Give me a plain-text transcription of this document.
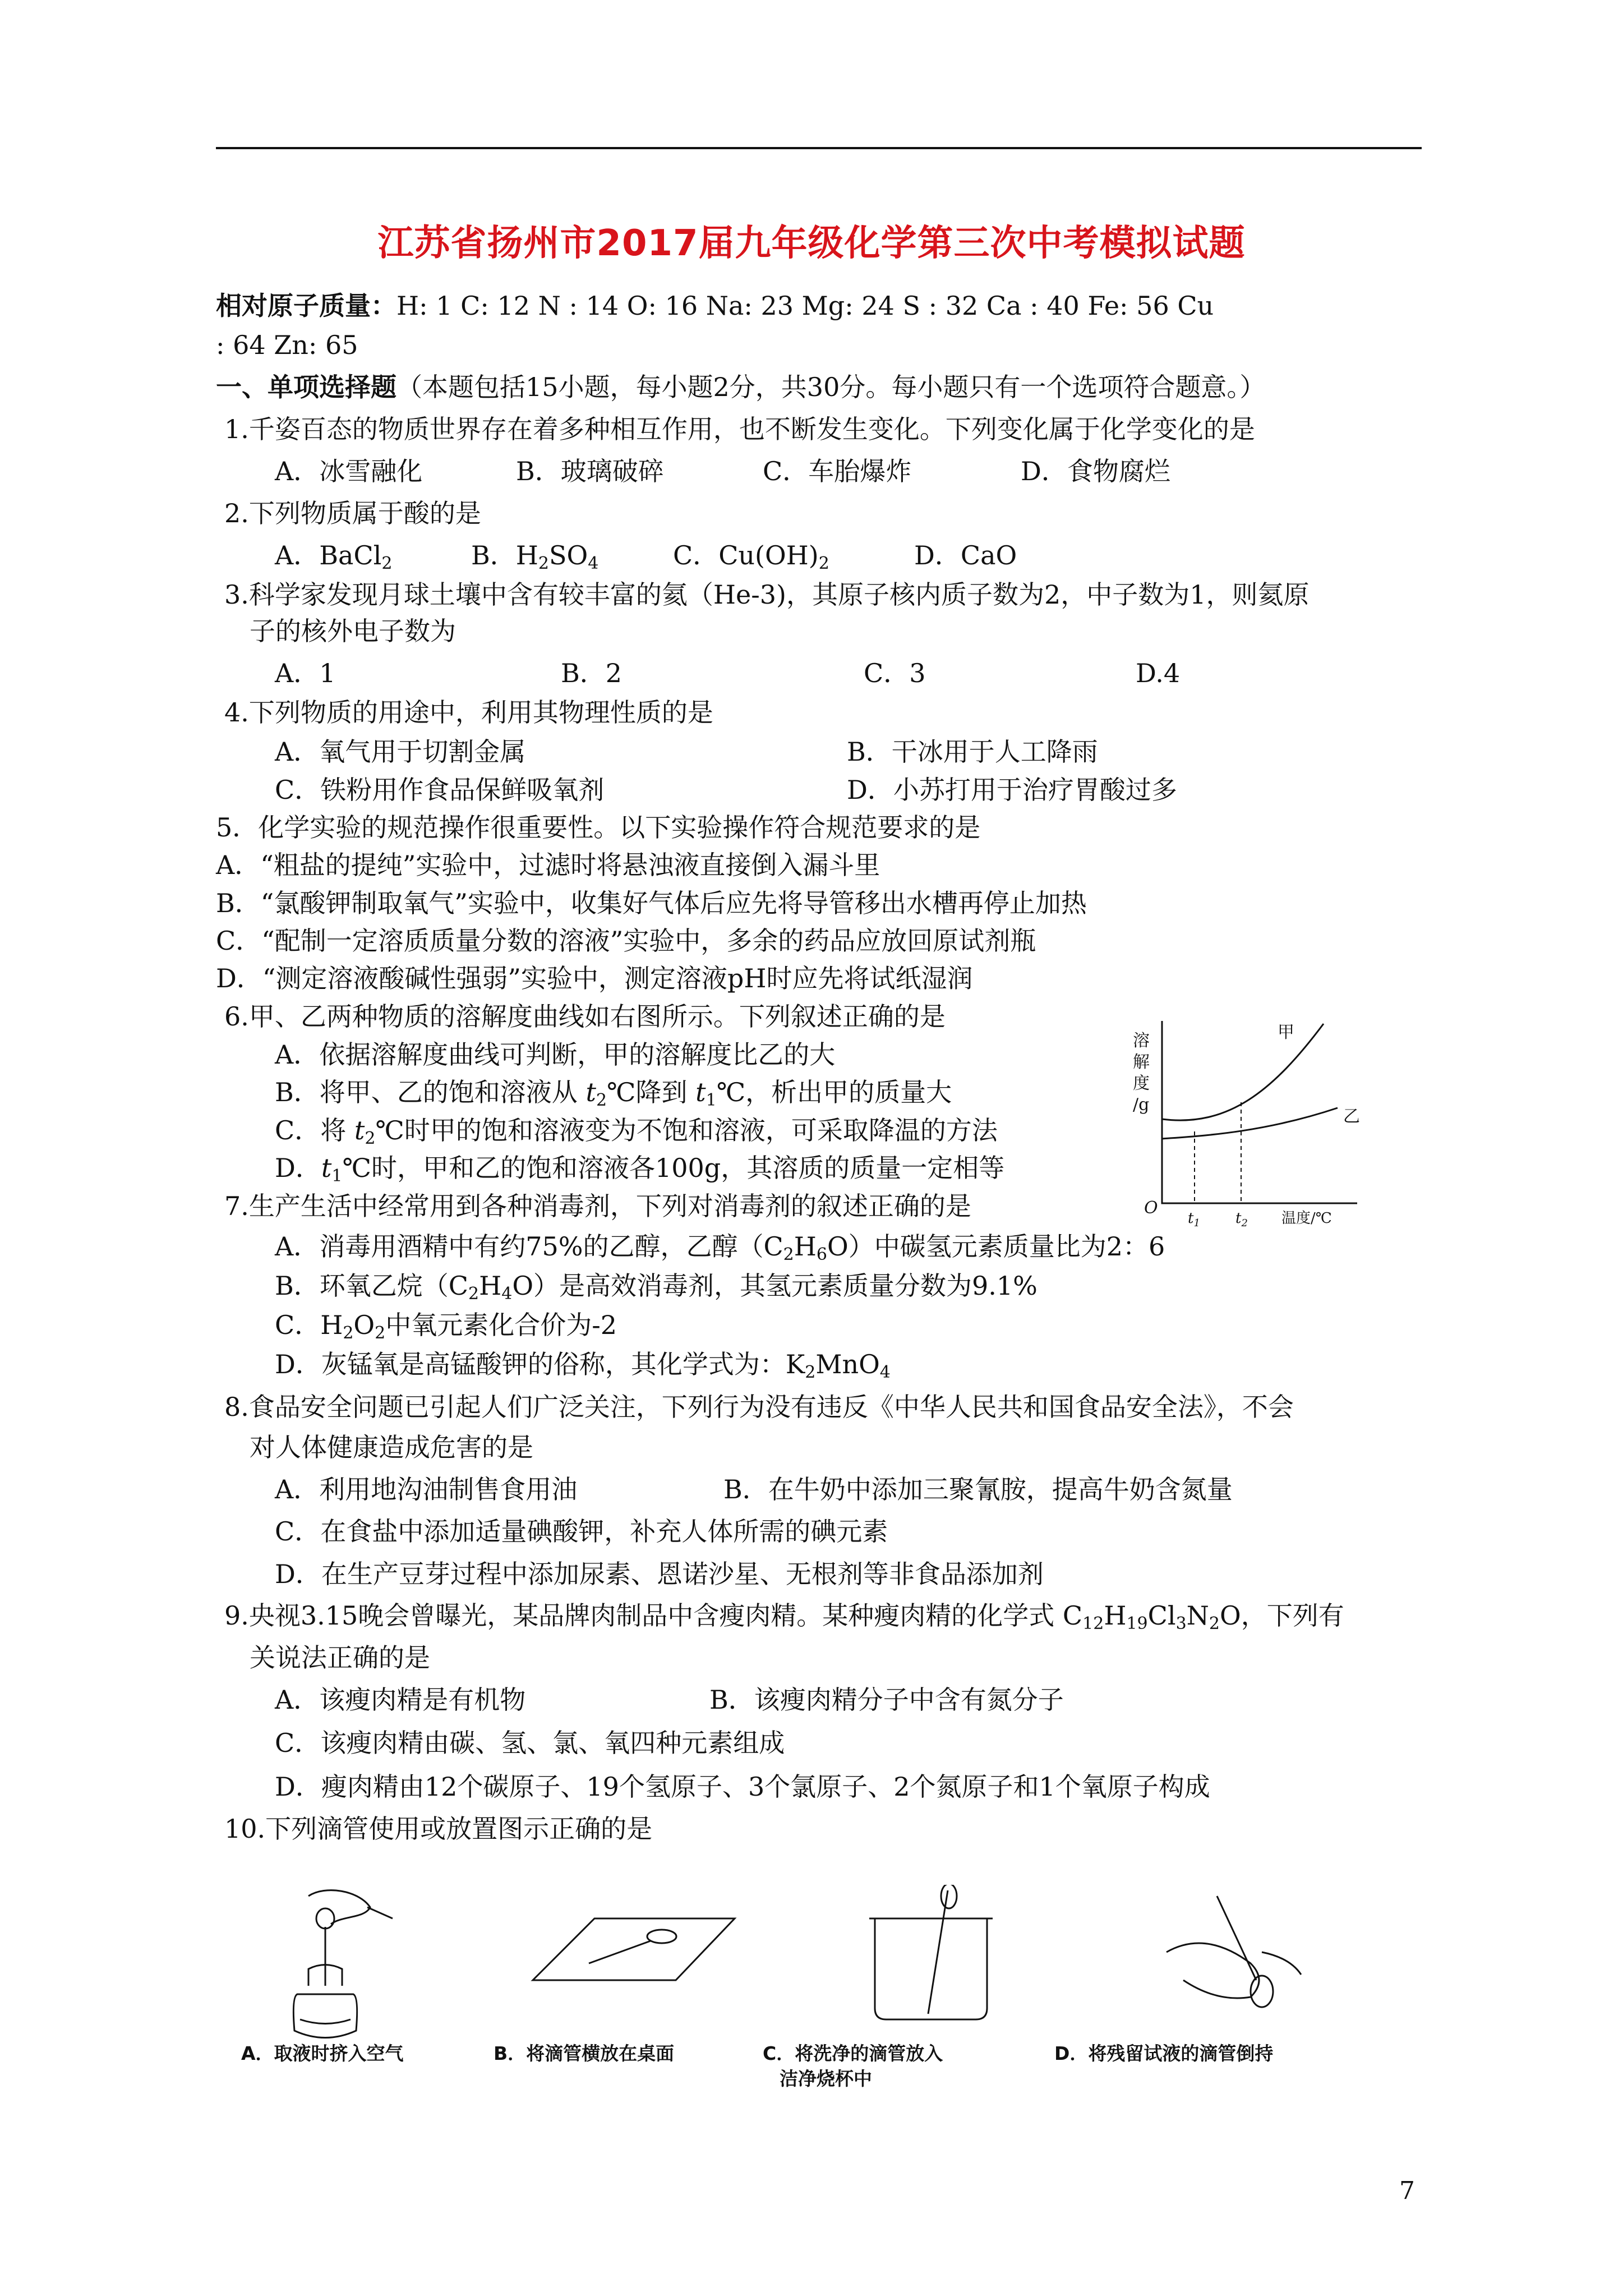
江苏省扬州市2017届九年级化学第三次中考模拟试题
相对原子质量：H: 1 C: 12 N : 14 O: 16 Na: 23 Mg: 24 S : 32 Ca : 40 Fe: 56 Cu
: 64 Zn: 65
一、单项选择题（本题包括15小题，每小题2分，共30分。每小题只有一个选项符合题意。）
1.千姿百态的物质世界存在着多种相互作用，也不断发生变化。下列变化属于化学变化的是
A．冰雪融化	B．玻璃破碎	C．车胎爆炸	D．食物腐烂
2.下列物质属于酸的是
A．BaCl$_2$	B．$H_2SO_4$	C．$Cu(OH)_2$	D．CaO
3.科学家发现月球土壤中含有较丰富的氦（He-3)，其原子核内质子数为2，中子数为1，则氦原
子的核外电子数为
A．1	B．2	C．3	D.4
4.下列物质的用途中，利用其物理性质的是
A．氧气用于切割金属	B．干冰用于人工降雨
C．铁粉用作食品保鲜吸氧剂	D．小苏打用于治疗胃酸过多
5．化学实验的规范操作很重要性。以下实验操作符合规范要求的是
A．“粗盐的提纯”实验中，过滤时将悬浊液直接倒入漏斗里
B．“氯酸钾制取氧气”实验中，收集好气体后应先将导管移出水槽再停止加热
C．“配制一定溶质质量分数的溶液”实验中，多余的药品应放回原试剂瓶
D．“测定溶液酸碱性强弱”实验中，测定溶液pH时应先将试纸湿润
6.甲、乙两种物质的溶解度曲线如右图所示。下列叙述正确的是
A．依据溶解度曲线可判断，甲的溶解度比乙的大
B．将甲、乙的饱和溶液从 $t_2℃$降到 $t_1℃$，析出甲的质量大
C．将 $t_2℃$时甲的饱和溶液变为不饱和溶液，可采取降温的方法
D．$t_1℃$时，甲和乙的饱和溶液各100g，其溶质的质量一定相等
溶
解
度
/g
甲
乙
O
$t_1$ $t_2$ 温度/℃
7.生产生活中经常用到各种消毒剂，下列对消毒剂的叙述正确的是
A．消毒用酒精中有约75%的乙醇，乙醇$(C_2H_6O)$中碳氢元素质量比为2：6
B．环氧乙烷$(C_2H_4O)$是高效消毒剂，其氢元素质量分数为9.1%
C．$H_2O_2$中氧元素化合价为-2
D．灰锰氧是高锰酸钾的俗称，其化学式为：$K_2MnO_4$
8.食品安全问题已引起人们广泛关注，下列行为没有违反《中华人民共和国食品安全法》，不会
对人体健康造成危害的是
A．利用地沟油制售食用油	B．在牛奶中添加三聚氰胺，提高牛奶含氮量
C．在食盐中添加适量碘酸钾，补充人体所需的碘元素
D．在生产豆芽过程中添加尿素、恩诺沙星、无根剂等非食品添加剂
9.央视3.15晚会曾曝光，某品牌肉制品中含瘦肉精。某种瘦肉精的化学式 $C_{12}H_{19}Cl_3N_2O$，下列有
关说法正确的是
A．该瘦肉精是有机物	B．该瘦肉精分子中含有氮分子
C．该瘦肉精由碳、氢、氯、氧四种元素组成
D．瘦肉精由12个碳原子、19个氢原子、3个氯原子、2个氮原子和1个氧原子构成
10.下列滴管使用或放置图示正确的是
A．取液时挤入空气	B．将滴管横放在桌面	C．将洗净的滴管放入
洁净烧杯中
D．将残留试液的滴管倒持
7
